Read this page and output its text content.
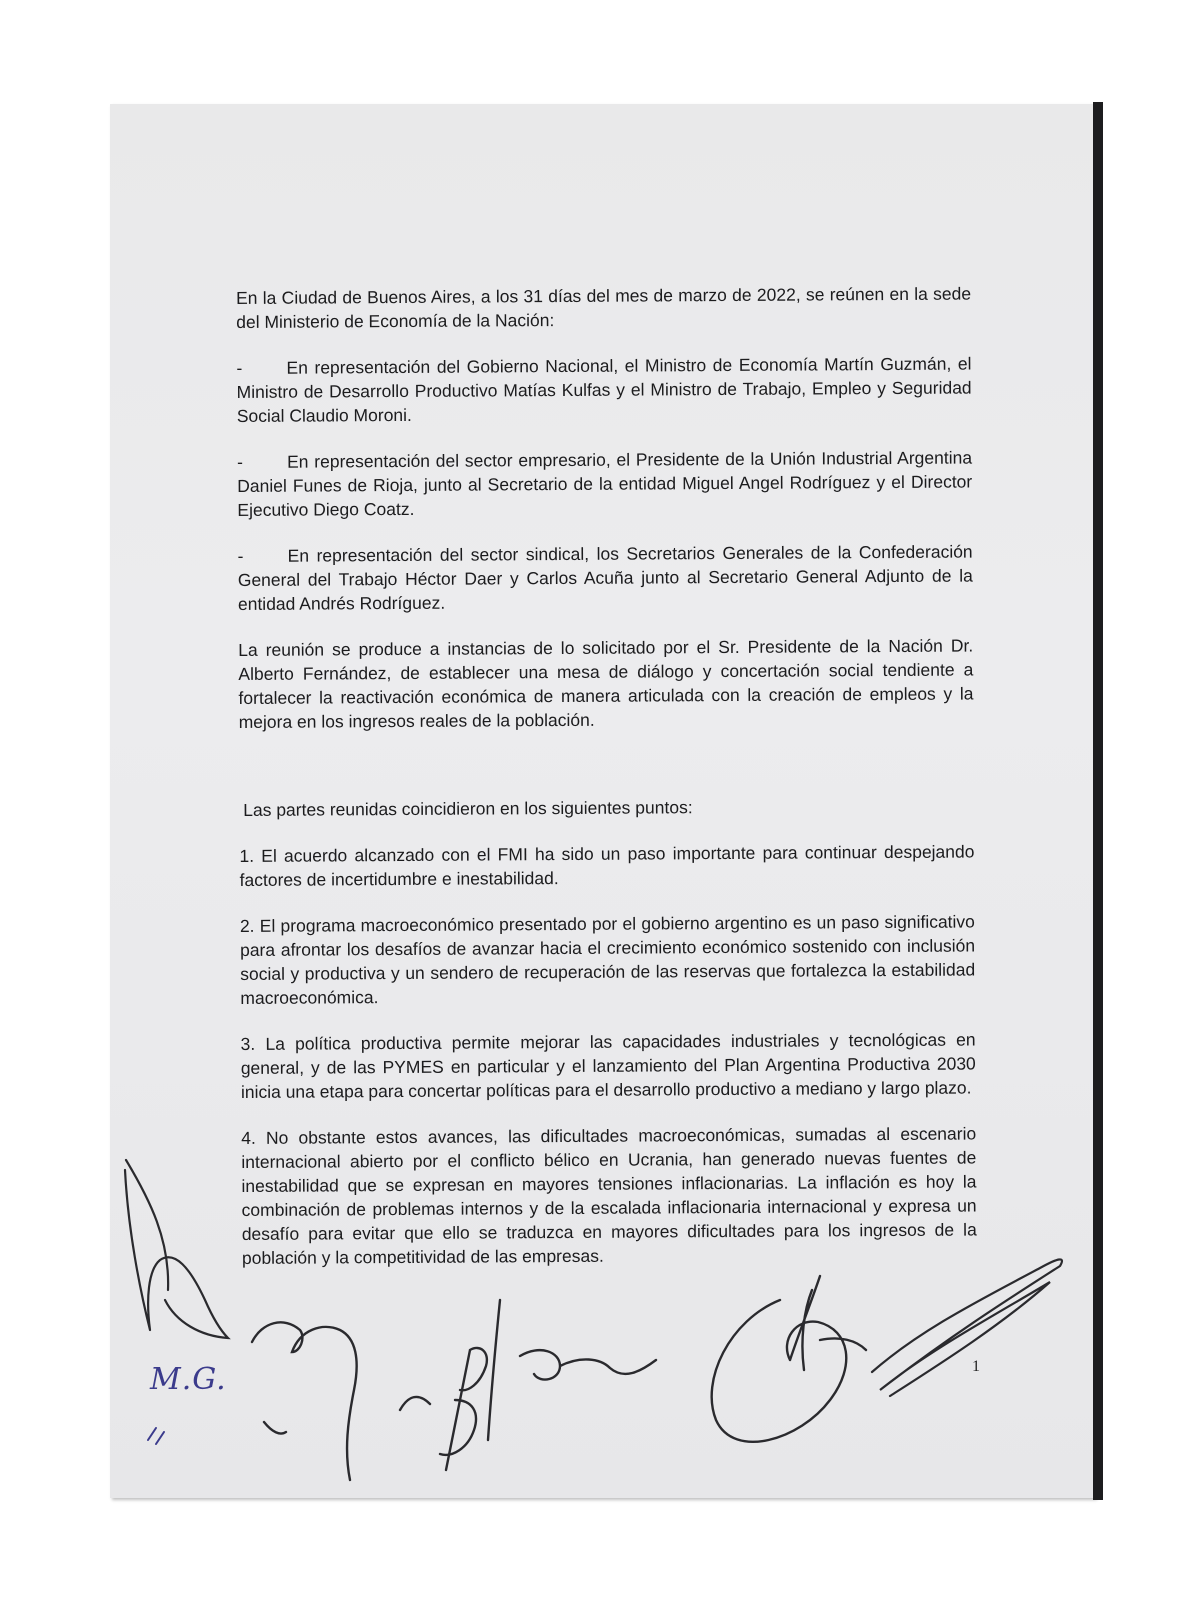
En la Ciudad de Buenos Aires, a los 31 días del mes de marzo de 2022, se reúnen en la sede del Ministerio de Economía de la Nación:

-	En representación del Gobierno Nacional, el Ministro de Economía Martín Guzmán, el Ministro de Desarrollo Productivo Matías Kulfas y el Ministro de Trabajo, Empleo y Seguridad Social Claudio Moroni.

-	En representación del sector empresario, el Presidente de la Unión Industrial Argentina Daniel Funes de Rioja, junto al Secretario de la entidad Miguel Angel Rodríguez y el Director Ejecutivo Diego Coatz.

-	En representación del sector sindical, los Secretarios Generales de la Confederación General del Trabajo Héctor Daer y Carlos Acuña junto al Secretario General Adjunto de la entidad Andrés Rodríguez.

La reunión se produce a instancias de lo solicitado por el Sr. Presidente de la Nación Dr. Alberto Fernández, de establecer una mesa de diálogo y concertación social tendiente a fortalecer la reactivación económica de manera articulada con la creación de empleos y la mejora en los ingresos reales de la población.

Las partes reunidas coincidieron en los siguientes puntos:

1. El acuerdo alcanzado con el FMI ha sido un paso importante para continuar despejando factores de incertidumbre e inestabilidad.

2. El programa macroeconómico presentado por el gobierno argentino es un paso significativo para afrontar los desafíos de avanzar hacia el crecimiento económico sostenido con inclusión social y productiva y un sendero de recuperación de las reservas que fortalezca la estabilidad macroeconómica.

3. La política productiva permite mejorar las capacidades industriales y tecnológicas en general, y de las PYMES en particular y el lanzamiento del Plan Argentina Productiva 2030 inicia una etapa para concertar políticas para el desarrollo productivo a mediano y largo plazo.

4. No obstante estos avances, las dificultades macroeconómicas, sumadas al escenario internacional abierto por el conflicto bélico en Ucrania, han generado nuevas fuentes de inestabilidad que se expresan en mayores tensiones inflacionarias. La inflación es hoy la combinación de problemas internos y de la escalada inflacionaria internacional y expresa un desafío para evitar que ello se traduzca en mayores dificultades para los ingresos de la población y la competitividad de las empresas.

1
M.G.
